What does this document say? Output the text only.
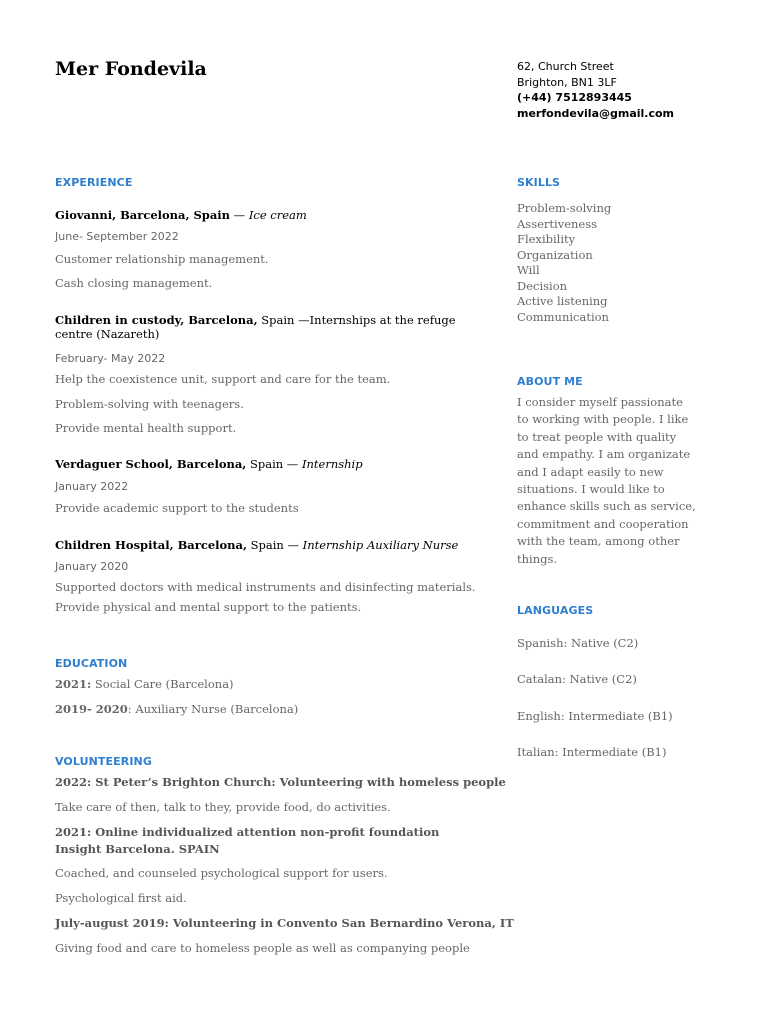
Mer Fondevila	62, Church Street
Brighton, BN1 3LF
(+44) 7512893445
merfondevila@gmail.com
EXPERIENCE
Giovanni, Barcelona, Spain — Ice cream
June- September 2022
Customer relationship management.
Cash closing management.
Children in custody, Barcelona, Spain —Internships at the refuge centre (Nazareth)
February- May 2022
Help the coexistence unit, support and care for the team.
Problem-solving with teenagers.
Provide mental health support.
Verdaguer School, Barcelona, Spain — Internship
January 2022
Provide academic support to the students
Children Hospital, Barcelona, Spain — Internship Auxiliary Nurse
January 2020
Supported doctors with medical instruments and disinfecting materials.
Provide physical and mental support to the patients.
EDUCATION
2021: Social Care (Barcelona)
2019- 2020: Auxiliary Nurse (Barcelona)
VOLUNTEERING
2022: St Peter’s Brighton Church: Volunteering with homeless people
Take care of then, talk to they, provide food, do activities.
2021: Online individualized attention non-profit foundation Insight Barcelona. SPAIN
Coached, and counseled psychological support for users.
Psychological first aid.
July-august 2019: Volunteering in Convento San Bernardino Verona, IT
Giving food and care to homeless people as well as companying people
SKILLS
Problem-solving
Assertiveness
Flexibility
Organization
Will
Decision
Active listening
Communication
ABOUT ME

I consider myself passionate to working with people. I like to treat people with quality and empathy. I am organizate and I adapt easily to new situations. I would like to enhance skills such as service, commitment and cooperation with the team, among other things.

LANGUAGES

Spanish: Native (C2)

Catalan: Native (C2)

English: Intermediate (B1)

Italian: Intermediate (B1)
